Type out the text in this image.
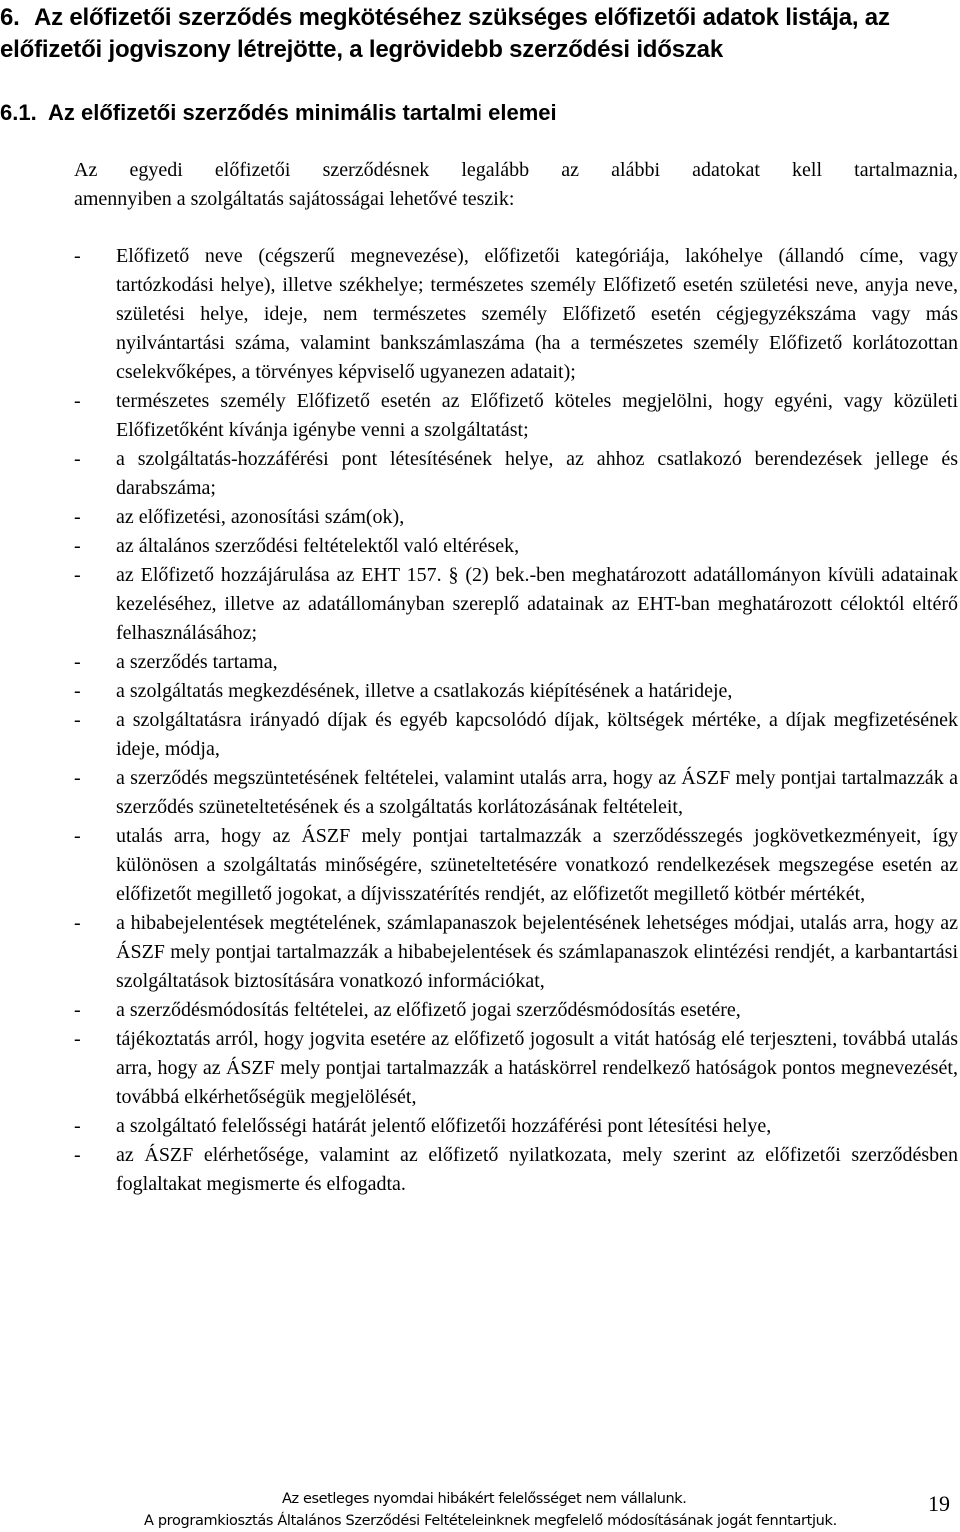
6. Az előfizetői szerződés megkötéséhez szükséges előfizetői adatok listája, az előfizetői jogviszony létrejötte, a legrövidebb szerződési időszak
6.1. Az előfizetői szerződés minimális tartalmi elemei

Az egyedi előfizetői szerződésnek legalább az alábbi adatokat kell tartalmaznia,
amennyiben a szolgáltatás sajátosságai lehetővé teszik:

- Előfizető neve (cégszerű megnevezése), előfizetői kategóriája, lakóhelye (állandó címe, vagy tartózkodási helye), illetve székhelye; természetes személy Előfizető esetén születési neve, anyja neve, születési helye, ideje, nem természetes személy Előfizető esetén cégjegyzékszáma vagy más nyilvántartási száma, valamint bankszámlaszáma (ha a természetes személy Előfizető korlátozottan cselekvőképes, a törvényes képviselő ugyanezen adatait);
- természetes személy Előfizető esetén az Előfizető köteles megjelölni, hogy egyéni, vagy közületi Előfizetőként kívánja igénybe venni a szolgáltatást;
- a szolgáltatás-hozzáférési pont létesítésének helye, az ahhoz csatlakozó berendezések jellege és darabszáma;
- az előfizetési, azonosítási szám(ok),
- az általános szerződési feltételektől való eltérések,
- az Előfizető hozzájárulása az EHT 157. § (2) bek.-ben meghatározott adatállományon kívüli adatainak kezeléséhez, illetve az adatállományban szereplő adatainak az EHT-ban meghatározott céloktól eltérő felhasználásához;
- a szerződés tartama,
- a szolgáltatás megkezdésének, illetve a csatlakozás kiépítésének a határideje,
- a szolgáltatásra irányadó díjak és egyéb kapcsolódó díjak, költségek mértéke, a díjak megfizetésének ideje, módja,
- a szerződés megszüntetésének feltételei, valamint utalás arra, hogy az ÁSZF mely pontjai tartalmazzák a szerződés szüneteltetésének és a szolgáltatás korlátozásának feltételeit,
- utalás arra, hogy az ÁSZF mely pontjai tartalmazzák a szerződésszegés jogkövetkezményeit, így különösen a szolgáltatás minőségére, szüneteltetésére vonatkozó rendelkezések megszegése esetén az előfizetőt megillető jogokat, a díjvisszatérítés rendjét, az előfizetőt megillető kötbér mértékét,
- a hibabejelentések megtételének, számlapanaszok bejelentésének lehetséges módjai, utalás arra, hogy az ÁSZF mely pontjai tartalmazzák a hibabejelentések és számlapanaszok elintézési rendjét, a karbantartási szolgáltatások biztosítására vonatkozó információkat,
- a szerződésmódosítás feltételei, az előfizető jogai szerződésmódosítás esetére,
- tájékoztatás arról, hogy jogvita esetére az előfizető jogosult a vitát hatóság elé terjeszteni, továbbá utalás arra, hogy az ÁSZF mely pontjai tartalmazzák a hatáskörrel rendelkező hatóságok pontos megnevezését, továbbá elkérhetőségük megjelölését,
- a szolgáltató felelősségi határát jelentő előfizetői hozzáférési pont létesítési helye,
- az ÁSZF elérhetősége, valamint az előfizető nyilatkozata, mely szerint az előfizetői szerződésben foglaltakat megismerte és elfogadta.
Az esetleges nyomdai hibákért felelősséget nem vállalunk.
A programkiosztás Általános Szerződési Feltételeinknek megfelelő módosításának jogát fenntartjuk.
19
